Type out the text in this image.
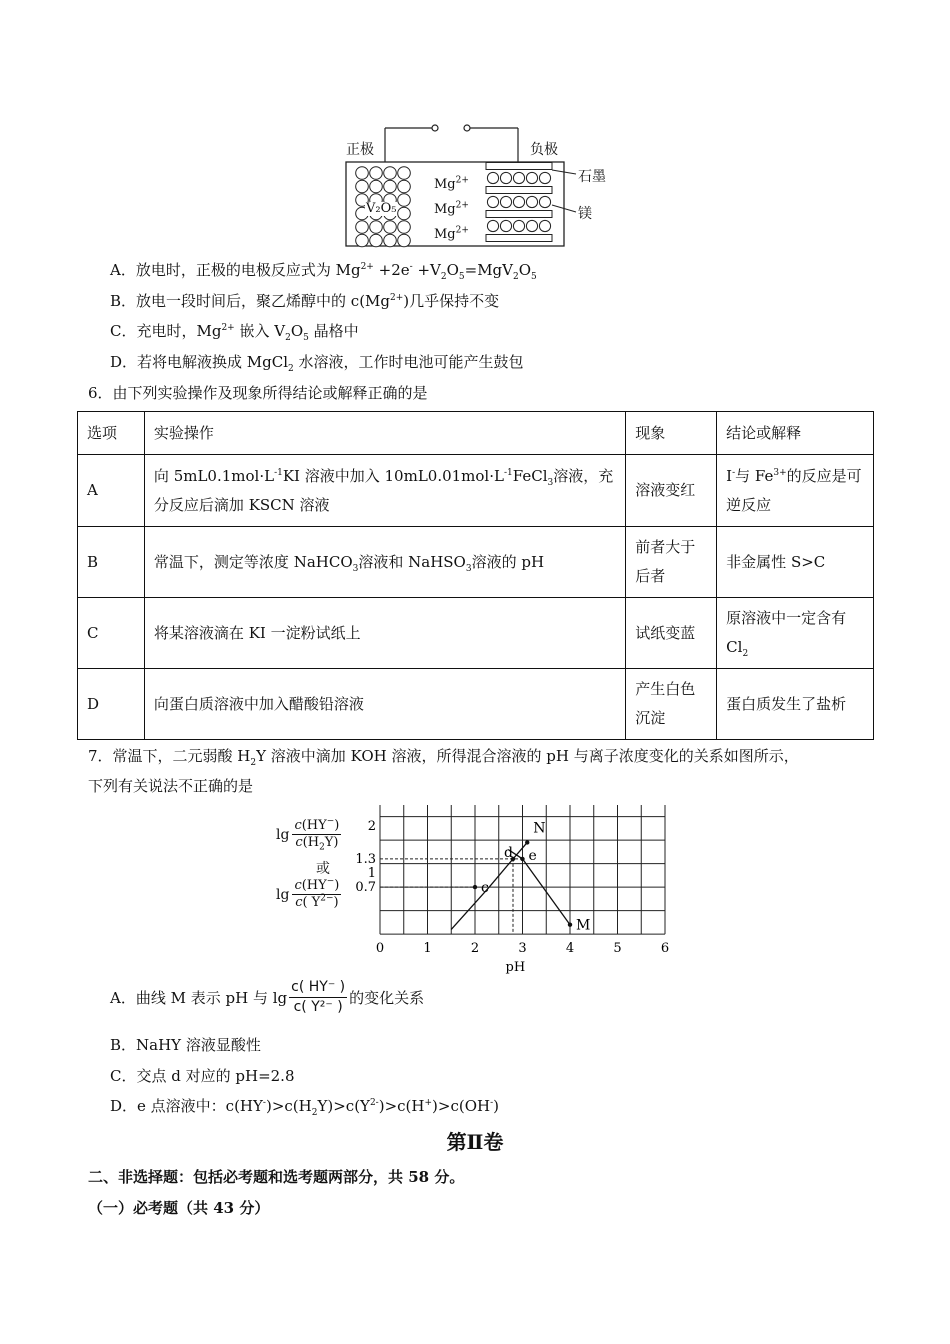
正极	负极
V₂O₅
$Mg^{2+}$
$Mg^{2+}$
$Mg^{2+}$
石墨
镁
A．放电时，正极的电极反应式为 $Mg^{2+} +2e^- +V_2O_5=MgV_2O_5$
B．放电一段时间后，聚乙烯醇中的 $c(Mg^{2+})$几乎保持不变
C．充电时，$Mg^{2+}$ 嵌入 $V_2O_5$ 晶格中
D．若将电解液换成 MgCl$_2$ 水溶液，工作时电池可能产生鼓包
6．由下列实验操作及现象所得结论或解释正确的是
选项	实验操作	现象	结论或解释
A	向 $5mL0.1mol\cdot L^{-1}KI$ 溶液中加入 $10mL0.01mol\cdot L^{-1}FeCl_3$溶液，充分反应后滴加 KSCN 溶液	溶液变红	I-与 $Fe^{3+}$的反应是可逆反应
B	常温下，测定等浓度 NaHCO$_3$溶液和 NaHSO$_3$溶液的 pH	前者大于后者	非金属性 S>C
C	将某溶液滴在 KI 一淀粉试纸上	试纸变蓝	原溶液中一定含有 $Cl_2$
D	向蛋白质溶液中加入醋酸铅溶液	产生白色沉淀	蛋白质发生了盐析
7．常温下，二元弱酸 $H_2Y$ 溶液中滴加 KOH 溶液，所得混合溶液的 pH 与离子浓度变化的关系如图所示，
下列有关说法不正确的是
lg
c(HY−)
$c(H_2Y)$
或
lg
c(HY−)
c( $Y^{2-}$)
c
d e
M
N
0	1	2	3	4	5	6
pH
2
1.3
1
0.7
A． 曲线 M 表示 pH 与 $\lg \frac{c( HY^- )}{\text{c( Y²⁻ )}}$ 的变化关系
B．NaHY 溶液显酸性
C．交点 d 对应的 pH=2.8
D．e 点溶液中：$c(HY^-)>c(H_2Y)>c(Y^{2-})>c(H^+)>c(OH^-)$
第Ⅱ卷
二、非选择题：包括必考题和选考题两部分，共 58 分。
（一）必考题（共 43 分）
